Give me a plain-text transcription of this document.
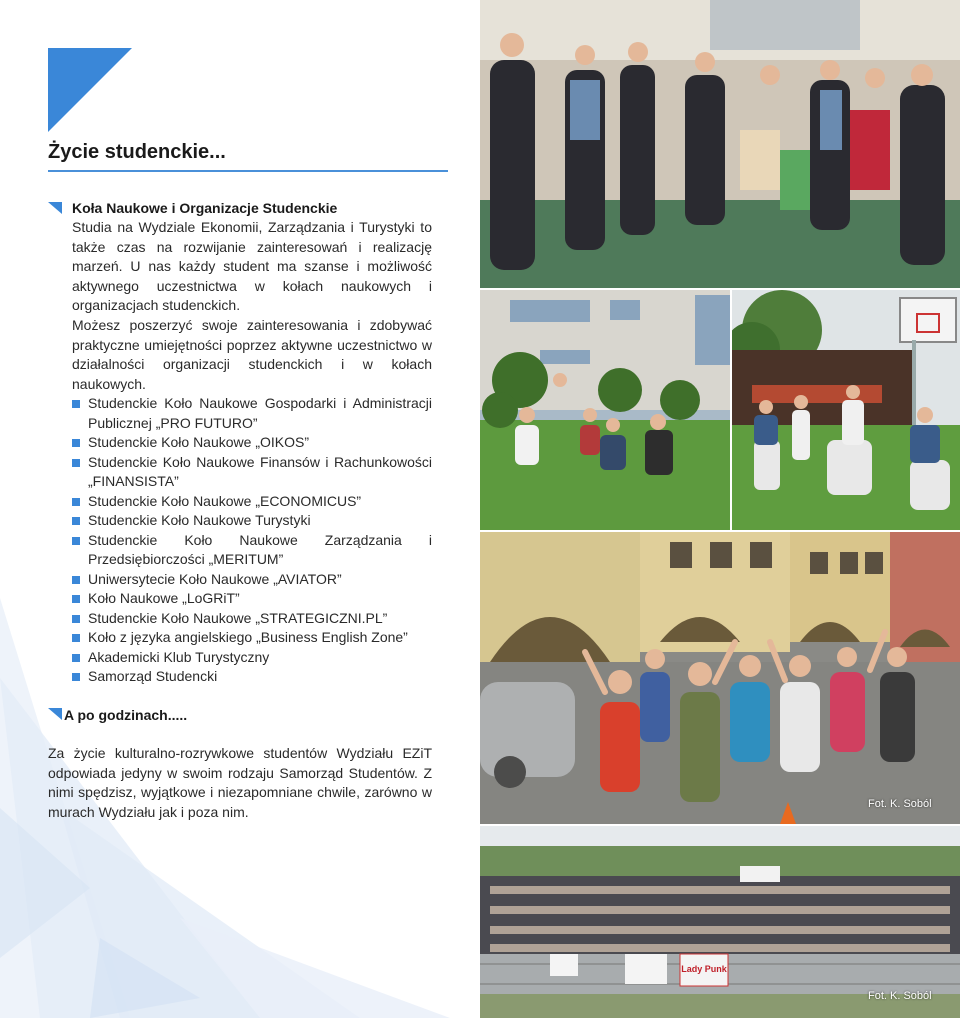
Życie studenckie...
Koła Naukowe i Organizacje Studenckie

Studia na Wydziale Ekonomii, Zarządzania i Turystyki to także czas na rozwijanie zainteresowań i realizację marzeń. U nas każdy student ma szanse i możliwość aktywnego uczestnictwa w kołach naukowych i organizacjach studenckich.

Możesz poszerzyć swoje zainteresowania i zdobywać praktyczne umiejętności poprzez aktywne uczestnictwo w działalności organizacji studenckich i w kołach naukowych.

Studenckie Koło Naukowe Gospodarki i Administracji Publicznej „PRO FUTURO”
Studenckie Koło Naukowe „OIKOS”
Studenckie Koło Naukowe Finansów i Rachunkowości „FINANSISTA”
Studenckie Koło Naukowe „ECONOMICUS”
Studenckie Koło Naukowe Turystyki
Studenckie Koło Naukowe Zarządzania i Przedsiębiorczości „MERITUM”
Uniwersytecie Koło Naukowe „AVIATOR”
Koło Naukowe „LoGRiT”
Studenckie Koło Naukowe „STRATEGICZNI.PL”
Koło z języka angielskiego „Business English Zone”
Akademicki Klub Turystyczny
Samorząd Studencki
A po godzinach.....

Za życie kulturalno-rozrywkowe studentów Wydziału EZiT odpowiada jedyny w swoim rodzaju Samorząd Studentów. Z nimi spędzisz, wyjątkowe i niezapomniane chwile, zarówno w murach Wydziału jak i poza nim.	Fot. K. Soból
Lady Punk
Fot. K. Soból
